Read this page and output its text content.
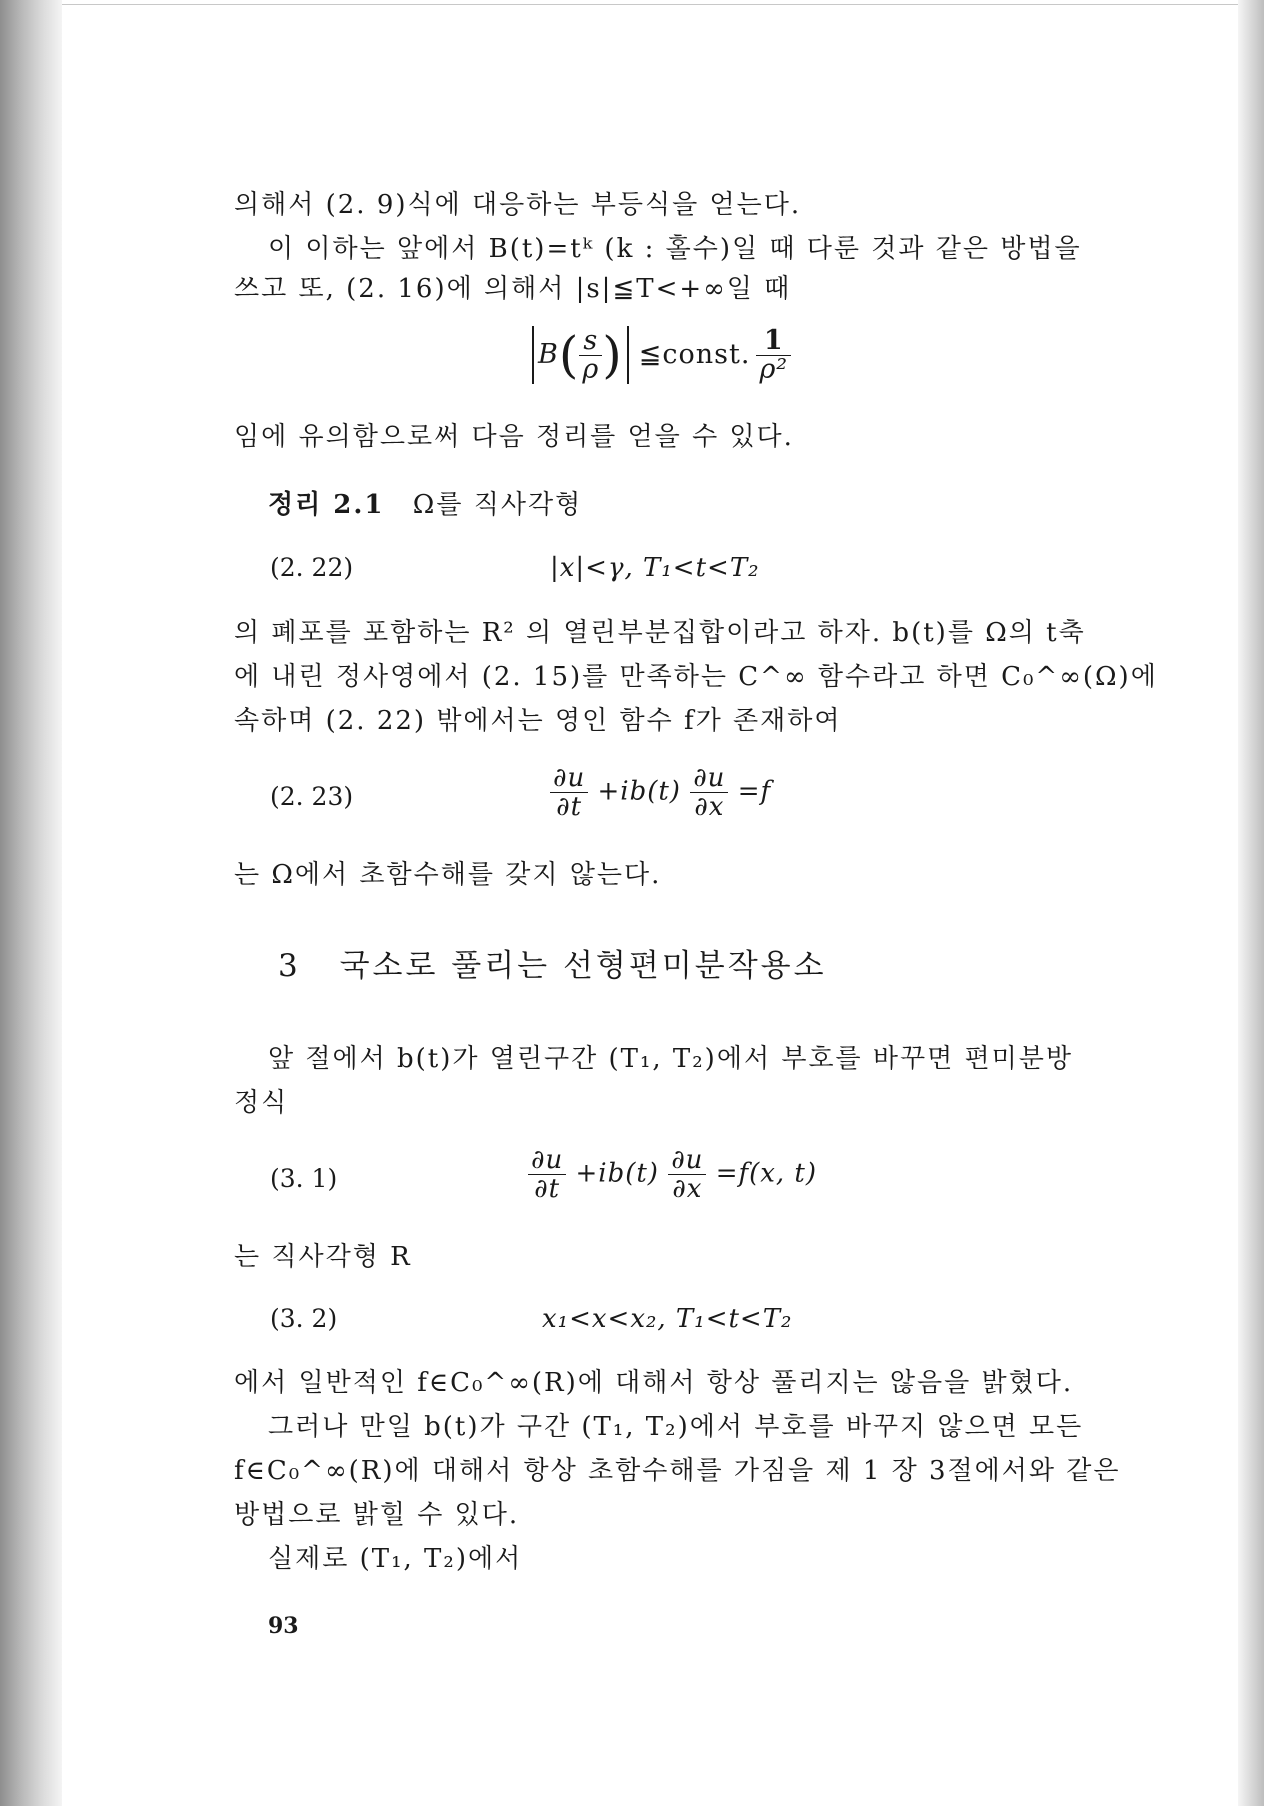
의해서 (2. 9)식에 대응하는 부등식을 얻는다.
이 이하는 앞에서 B(t)=tᵏ (k : 홀수)일 때 다룬 것과 같은 방법을
쓰고 또, (2. 16)에 의해서 |s|≦T<+∞일 때
B ( $\frac{s}{\rho}$ ) ≦const. $\frac{1}{\text{ρ²}}$
임에 유의함으로써 다음 정리를 얻을 수 있다.
정리 2.1 Ω를 직사각형
(2. 22)	|x|<γ, T₁<t<T₂
의 폐포를 포함하는 R² 의 열린부분집합이라고 하자. b(t)를 Ω의 t축
에 내린 정사영에서 (2. 15)를 만족하는 C^∞ 함수라고 하면 C₀^∞(Ω)에
속하며 (2. 22) 밖에서는 영인 함수 f가 존재하여
(2. 23)	$\frac{\partial u}{\partial t} +ib(t) \frac{\partial u}{\partial x} =f$
는 Ω에서 초함수해를 갖지 않는다.
3 국소로 풀리는 선형편미분작용소
앞 절에서 b(t)가 열린구간 (T₁, T₂)에서 부호를 바꾸면 편미분방
정식
(3. 1)	$\frac{\partial u}{\partial t} +ib(t) \frac{\partial u}{\partial x} =f(x$, t)
는 직사각형 R
(3. 2)	x₁<x<x₂, T₁<t<T₂
에서 일반적인 f∈C₀^∞(R)에 대해서 항상 풀리지는 않음을 밝혔다.
그러나 만일 b(t)가 구간 (T₁, T₂)에서 부호를 바꾸지 않으면 모든
f∈C₀^∞(R)에 대해서 항상 초함수해를 가짐을 제 1 장 3절에서와 같은
방법으로 밝힐 수 있다.
실제로 (T₁, T₂)에서
93
